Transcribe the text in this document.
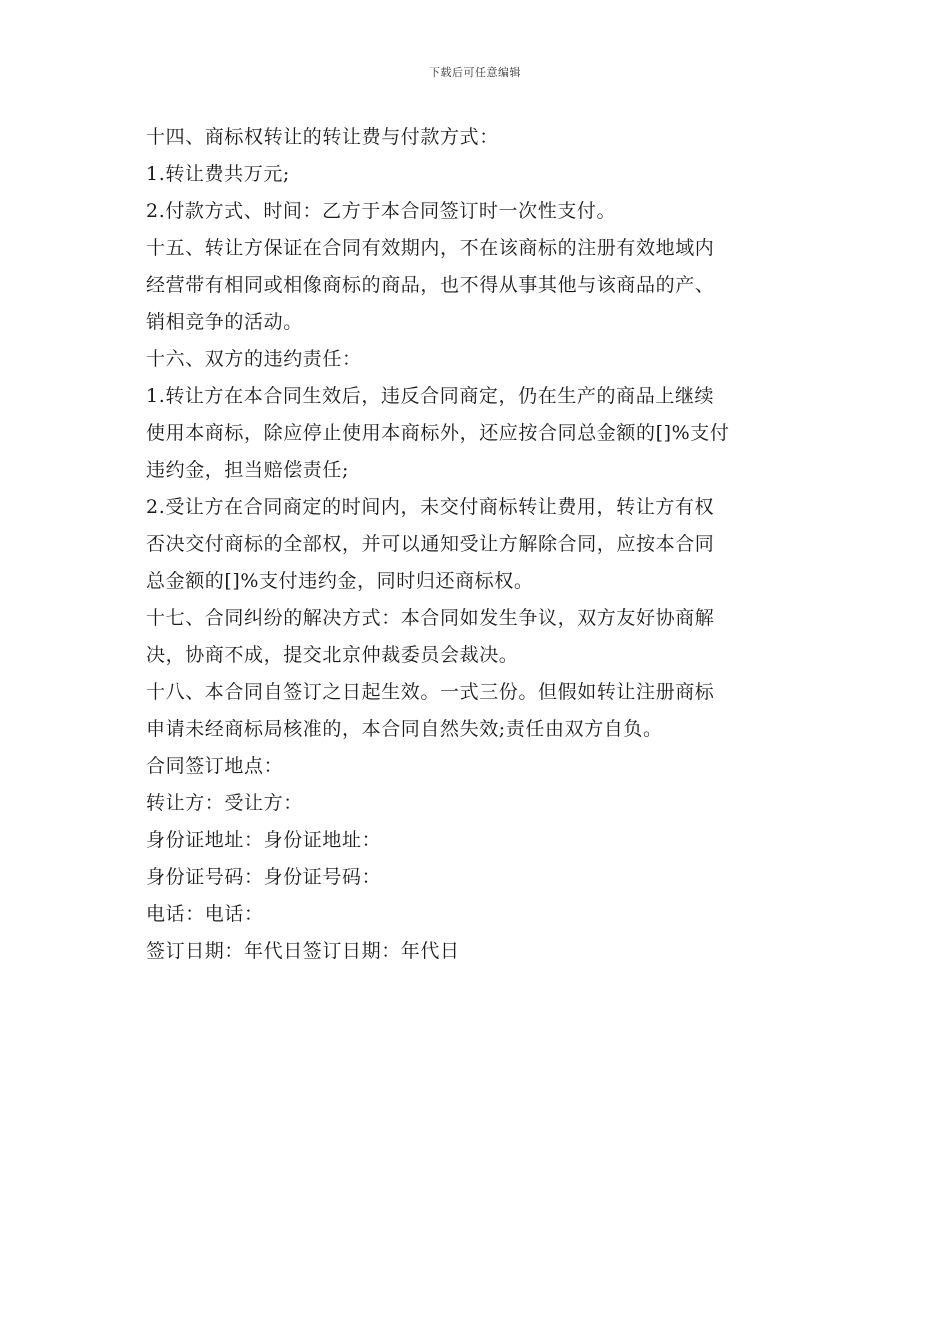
下载后可任意编辑

十四、商标权转让的转让费与付款方式：

1.转让费共万元;

2.付款方式、时间：乙方于本合同签订时一次性支付。

十五、转让方保证在合同有效期内，不在该商标的注册有效地域内

经营带有相同或相像商标的商品，也不得从事其他与该商品的产、

销相竞争的活动。

十六、双方的违约责任：

1.转让方在本合同生效后，违反合同商定，仍在生产的商品上继续

使用本商标，除应停止使用本商标外，还应按合同总金额的[]%支付

违约金，担当赔偿责任;

2.受让方在合同商定的时间内，未交付商标转让费用，转让方有权

否决交付商标的全部权，并可以通知受让方解除合同，应按本合同

总金额的[]%支付违约金，同时归还商标权。

十七、合同纠纷的解决方式：本合同如发生争议，双方友好协商解

决，协商不成，提交北京仲裁委员会裁决。

十八、本合同自签订之日起生效。一式三份。但假如转让注册商标

申请未经商标局核准的，本合同自然失效;责任由双方自负。

合同签订地点：

转让方：受让方：

身份证地址：身份证地址：

身份证号码：身份证号码：

电话：电话：

签订日期：年代日签订日期：年代日
